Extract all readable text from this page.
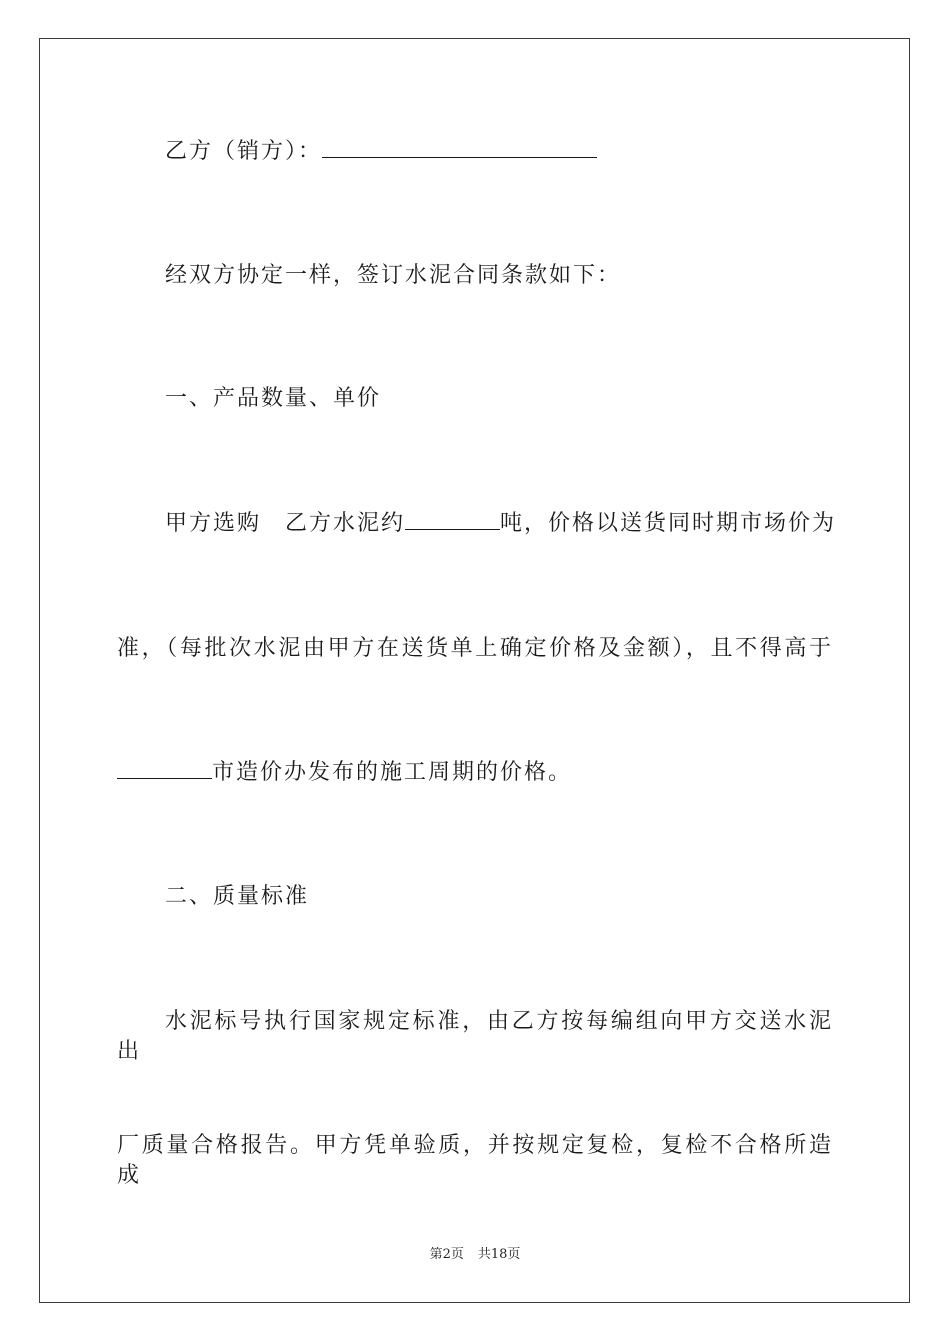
乙方（销方）：
经双方协定一样，签订水泥合同条款如下：
一、产品数量、单价
甲方选购　乙方水泥约	吨，价格以送货同时期市场价为
准，（每批次水泥由甲方在送货单上确定价格及金额），且不得高于
市造价办发布的施工周期的价格。
二、质量标准
水泥标号执行国家规定标准，由乙方按每编组向甲方交送水泥出
厂质量合格报告。甲方凭单验质，并按规定复检，复检不合格所造成
第2页 共18页
